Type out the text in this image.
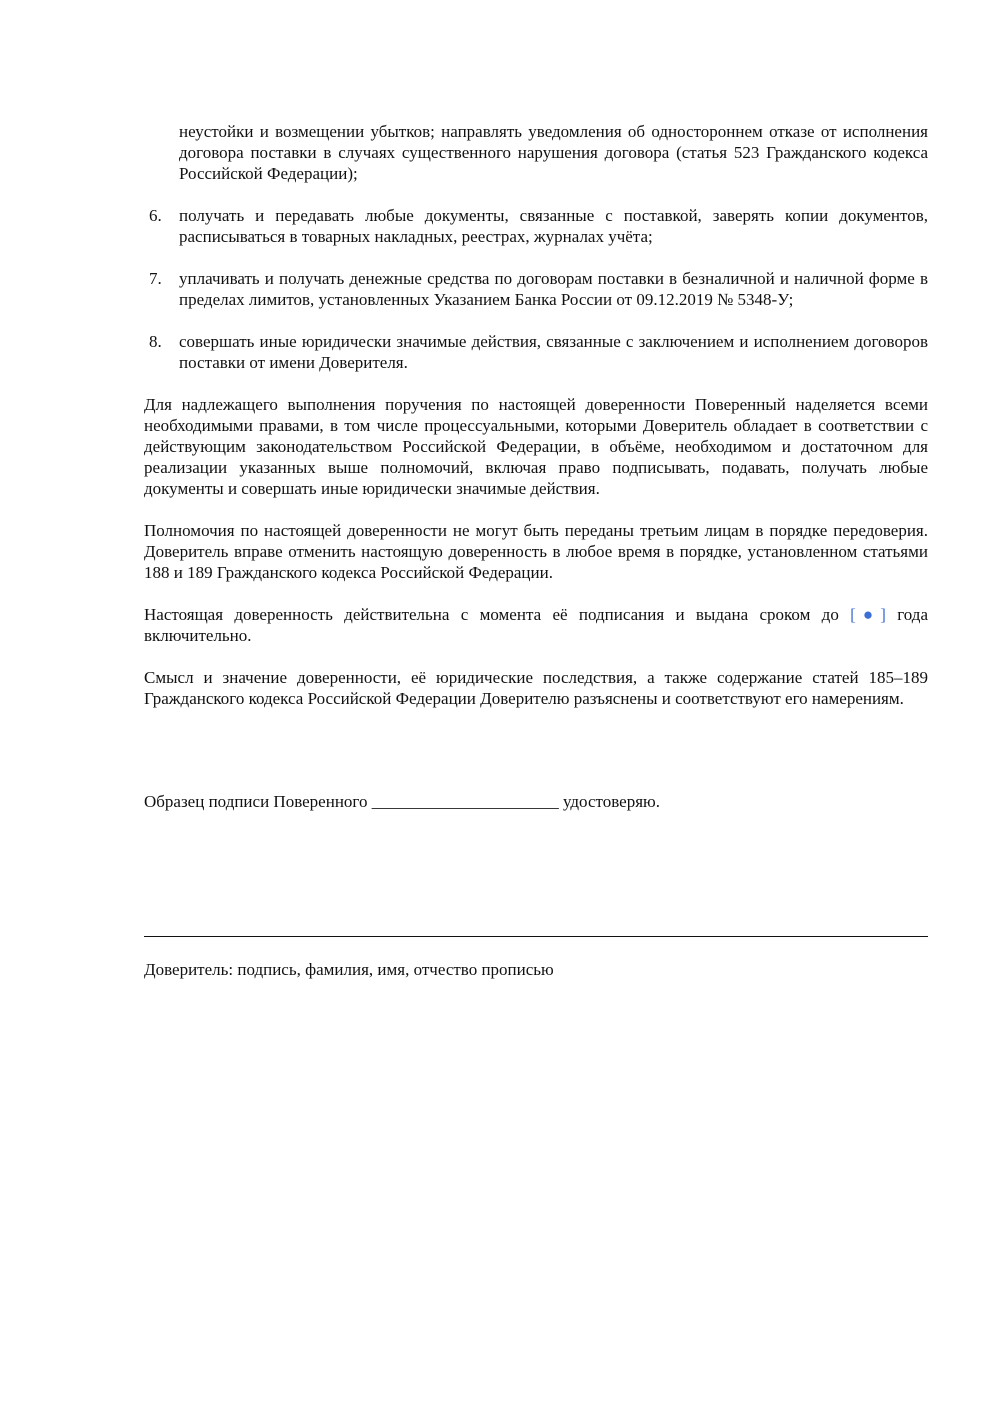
неустойки и возмещении убытков; направлять уведомления об одностороннем отказе от исполнения договора поставки в случаях существенного нарушения договора (статья 523 Гражданского кодекса Российской Федерации);

6.	получать и передавать любые документы, связанные с поставкой, заверять копии документов, расписываться в товарных накладных, реестрах, журналах учёта;
7.	уплачивать и получать денежные средства по договорам поставки в безналичной и наличной форме в пределах лимитов, установленных Указанием Банка России от 09.12.2019 № 5348-У;
8.	совершать иные юридически значимые действия, связанные с заключением и исполнением договоров поставки от имени Доверителя.

Для надлежащего выполнения поручения по настоящей доверенности Поверенный наделяется всеми необходимыми правами, в том числе процессуальными, которыми Доверитель обладает в соответствии с действующим законодательством Российской Федерации, в объёме, необходимом и достаточном для реализации указанных выше полномочий, включая право подписывать, подавать, получать любые документы и совершать иные юридически значимые действия.

Полномочия по настоящей доверенности не могут быть переданы третьим лицам в порядке передоверия. Доверитель вправе отменить настоящую доверенность в любое время в порядке, установленном статьями 188 и 189 Гражданского кодекса Российской Федерации.

Настоящая доверенность действительна с момента её подписания и выдана сроком до [●] года включительно.

Смысл и значение доверенности, её юридические последствия, а также содержание статей 185–189 Гражданского кодекса Российской Федерации Доверителю разъяснены и соответствуют его намерениям.

Образец подписи Поверенного ______________________ удостоверяю.
Доверитель: подпись, фамилия, имя, отчество прописью
